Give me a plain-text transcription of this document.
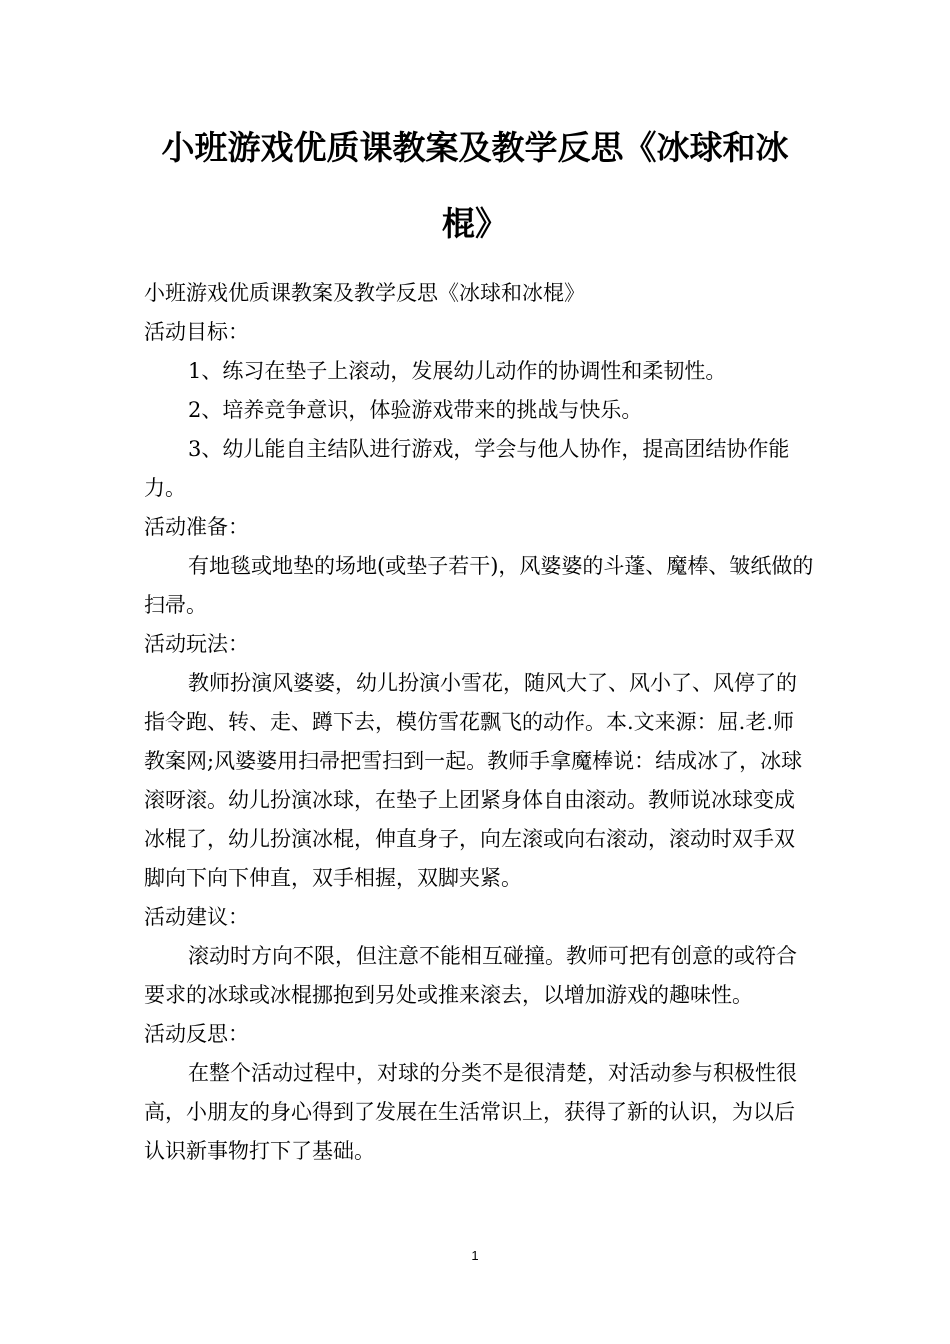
小班游戏优质课教案及教学反思《冰球和冰
棍》

小班游戏优质课教案及教学反思《冰球和冰棍》

活动目标：

1、练习在垫子上滚动，发展幼儿动作的协调性和柔韧性。

2、培养竞争意识，体验游戏带来的挑战与快乐。

3、幼儿能自主结队进行游戏，学会与他人协作，提高团结协作能力。

活动准备：

有地毯或地垫的场地(或垫子若干)，风婆婆的斗蓬、魔棒、皱纸做的扫帚。

活动玩法：

教师扮演风婆婆，幼儿扮演小雪花，随风大了、风小了、风停了的指令跑、转、走、蹲下去，模仿雪花飘飞的动作。本.文来源：屈.老.师教案网;风婆婆用扫帚把雪扫到一起。教师手拿魔棒说：结成冰了，冰球滚呀滚。幼儿扮演冰球，在垫子上团紧身体自由滚动。教师说冰球变成冰棍了，幼儿扮演冰棍，伸直身子，向左滚或向右滚动，滚动时双手双脚向下向下伸直，双手相握，双脚夹紧。

活动建议：

滚动时方向不限，但注意不能相互碰撞。教师可把有创意的或符合要求的冰球或冰棍挪抱到另处或推来滚去，以增加游戏的趣味性。

活动反思：

在整个活动过程中，对球的分类不是很清楚，对活动参与积极性很高，小朋友的身心得到了发展在生活常识上，获得了新的认识，为以后认识新事物打下了基础。

1
